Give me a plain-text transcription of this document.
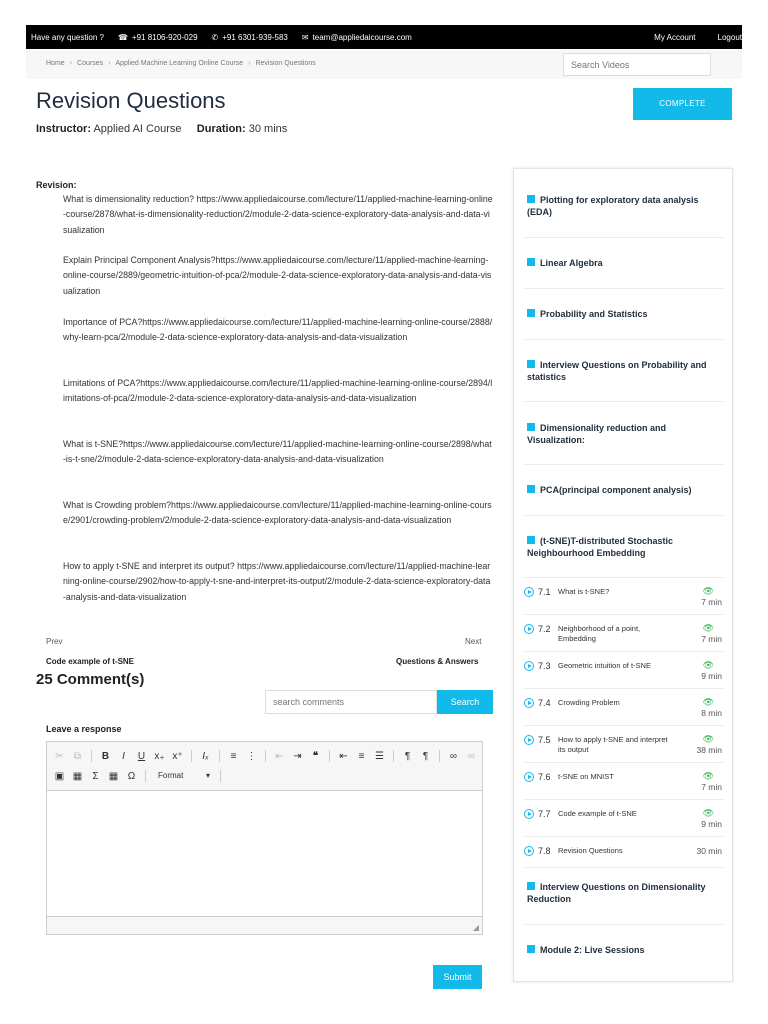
Have any question ? ☎ +91 8106-920-029 ✆ +91 6301-939-583 ✉ team@appliedaicourse.com	My Account	Logout
Home › Courses › Applied Machine Learning Online Course › Revision Questions
Search Videos
Revision Questions
Instructor: Applied AI Course Duration: 30 mins
COMPLETE
Revision:
What is dimensionality reduction? https://www.appliedaicourse.com/lecture/11/applied-machine-learning-online-course/2878/what-is-dimensionality-reduction/2/module-2-data-science-exploratory-data-analysis-and-data-visualization
Explain Principal Component Analysis?https://www.appliedaicourse.com/lecture/11/applied-machine-learning-online-course/2889/geometric-intuition-of-pca/2/module-2-data-science-exploratory-data-analysis-and-data-visualization
Importance of PCA?https://www.appliedaicourse.com/lecture/11/applied-machine-learning-online-course/2888/why-learn-pca/2/module-2-data-science-exploratory-data-analysis-and-data-visualization
Limitations of PCA?https://www.appliedaicourse.com/lecture/11/applied-machine-learning-online-course/2894/limitations-of-pca/2/module-2-data-science-exploratory-data-analysis-and-data-visualization
What is t-SNE?https://www.appliedaicourse.com/lecture/11/applied-machine-learning-online-course/2898/what-is-t-sne/2/module-2-data-science-exploratory-data-analysis-and-data-visualization
What is Crowding problem?https://www.appliedaicourse.com/lecture/11/applied-machine-learning-online-course/2901/crowding-problem/2/module-2-data-science-exploratory-data-analysis-and-data-visualization
How to apply t-SNE and interpret its output? https://www.appliedaicourse.com/lecture/11/applied-machine-learning-online-course/2902/how-to-apply-t-sne-and-interpret-its-output/2/module-2-data-science-exploratory-data-analysis-and-data-visualization
Prev	Next
Code example of t-SNE	Questions & Answers
25 Comment(s)
search comments
Search
Leave a response
✂ ⧉ B	I	U x₊ x⁺	Iₓ	≡	⋮ ⇤ ⇥	❝	⇤	≡	☰	¶	¶	∞ ∞
▣ ▦	Σ	▦ Ω	Format	▾
◢
Submit
Plotting for exploratory data analysis (EDA)
Linear Algebra
Probability and Statistics
Interview Questions on Probability and statistics
Dimensionality reduction and Visualization:
PCA(principal component analysis)
(t-SNE)T-distributed Stochastic Neighbourhood Embedding
7.1 What is t-SNE?	👁
7 min
7.2 Neighborhood of a point, Embedding
👁
7 min
7.3 Geometric intuition of t-SNE	👁
9 min
7.4 Crowding Problem	👁
8 min
7.5 How to apply t-SNE and interpret its output
👁
38 min
7.6 t-SNE on MNIST	👁
7 min
7.7 Code example of t-SNE	👁
9 min
7.8 Revision Questions	30 min
Interview Questions on Dimensionality Reduction
Module 2: Live Sessions
